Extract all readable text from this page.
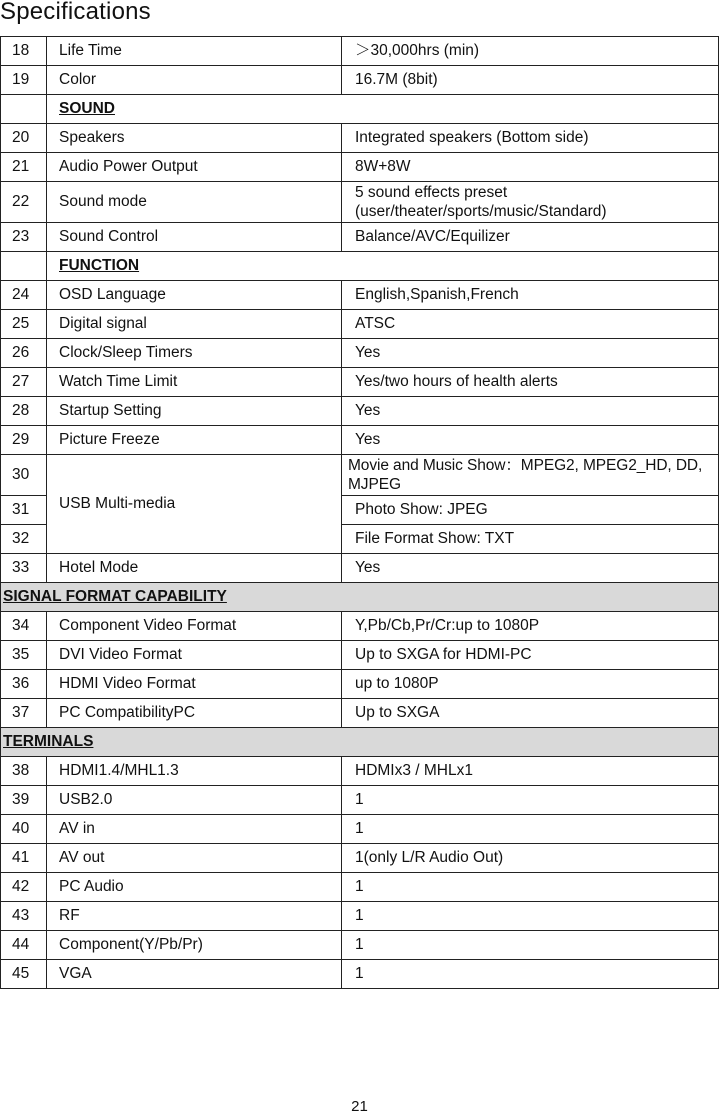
Specifications
18	Life Time	＞30,000hrs (min)
19	Color	16.7M (8bit)
	SOUND	
20	Speakers	Integrated speakers (Bottom side)
21	Audio Power Output	8W+8W
22	Sound mode	5 sound effects preset (user/theater/sports/music/Standard)
23	Sound Control	Balance/AVC/Equilizer
	FUNCTION	
24	OSD Language	English,Spanish,French
25	Digital signal	ATSC
26	Clock/Sleep Timers	Yes
27	Watch Time Limit	Yes/two hours of health alerts
28	Startup Setting	Yes
29	Picture Freeze	Yes
30	USB Multi-media	Movie and Music Show：MPEG2, MPEG2_HD, DD, MJPEG
31		Photo Show: JPEG
32		File Format Show: TXT
33	Hotel Mode	Yes
SIGNAL FORMAT CAPABILITY		
34	Component Video Format	Y,Pb/Cb,Pr/Cr:up to 1080P
35	DVI Video Format	Up to SXGA for HDMI-PC
36	HDMI Video Format	up to 1080P
37	PC CompatibilityPC	Up to SXGA
TERMINALS		
38	HDMI1.4/MHL1.3	HDMIx3 / MHLx1
39	USB2.0	1
40	AV in	1
41	AV out	1(only L/R Audio Out)
42	PC Audio	1
43	RF	1
44	Component(Y/Pb/Pr)	1
45	VGA	1
21
